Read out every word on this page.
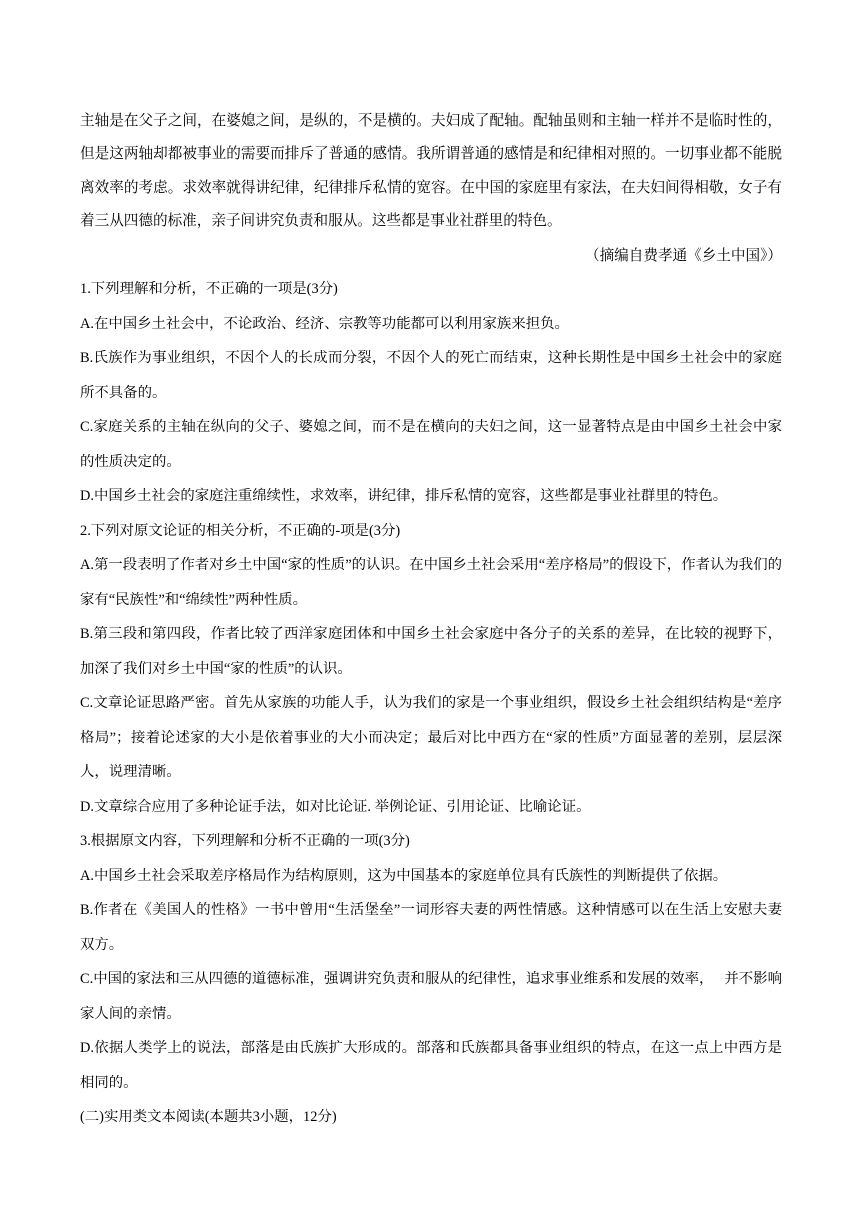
主轴是在父子之间，在婆媳之间，是纵的，不是横的。夫妇成了配轴。配轴虽则和主轴一样并不是临时性的，但是这两轴却都被事业的需要而排斥了普通的感情。我所谓普通的感情是和纪律相对照的。一切事业都不能脱离效率的考虑。求效率就得讲纪律，纪律排斥私情的宽容。在中国的家庭里有家法，在夫妇间得相敬，女子有着三从四德的标准，亲子间讲究负责和服从。这些都是事业社群里的特色。

（摘编自费孝通《乡土中国》）

1.下列理解和分析，不正确的一项是(3分)

A.在中国乡土社会中，不论政治、经济、宗教等功能都可以利用家族来担负。

B.氏族作为事业组织，不因个人的长成而分裂，不因个人的死亡而结束，这种长期性是中国乡土社会中的家庭所不具备的。

C.家庭关系的主轴在纵向的父子、婆媳之间，而不是在横向的夫妇之间，这一显著特点是由中国乡土社会中家的性质决定的。

D.中国乡土社会的家庭注重绵续性，求效率，讲纪律，排斥私情的宽容，这些都是事业社群里的特色。

2.下列对原文论证的相关分析，不正确的-项是(3分)

A.第一段表明了作者对乡土中国“家的性质”的认识。在中国乡土社会采用“差序格局”的假设下，作者认为我们的家有“民族性”和“绵续性”两种性质。

B.第三段和第四段，作者比较了西洋家庭团体和中国乡土社会家庭中各分子的关系的差异，在比较的视野下，加深了我们对乡土中国“家的性质”的认识。

C.文章论证思路严密。首先从家族的功能人手，认为我们的家是一个事业组织，假设乡土社会组织结构是“差序格局”；接着论述家的大小是依着事业的大小而决定；最后对比中西方在“家的性质”方面显著的差别，层层深人，说理清晰。

D.文章综合应用了多种论证手法，如对比论证. 举例论证、引用论证、比喻论证。

3.根据原文内容，下列理解和分析不正确的一项(3分)

A.中国乡土社会采取差序格局作为结构原则，这为中国基本的家庭单位具有氏族性的判断提供了依据。

B.作者在《美国人的性格》一书中曾用“生活堡垒”一词形容夫妻的两性情感。这种情感可以在生活上安慰夫妻双方。

C.中国的家法和三从四德的道德标准，强调讲究负责和服从的纪律性，追求事业维系和发展的效率，　 并不影响家人间的亲情。

D.依据人类学上的说法，部落是由氏族扩大形成的。部落和氏族都具备事业组织的特点，在这一点上中西方是相同的。

(二)实用类文本阅读(本题共3小题，12分)
